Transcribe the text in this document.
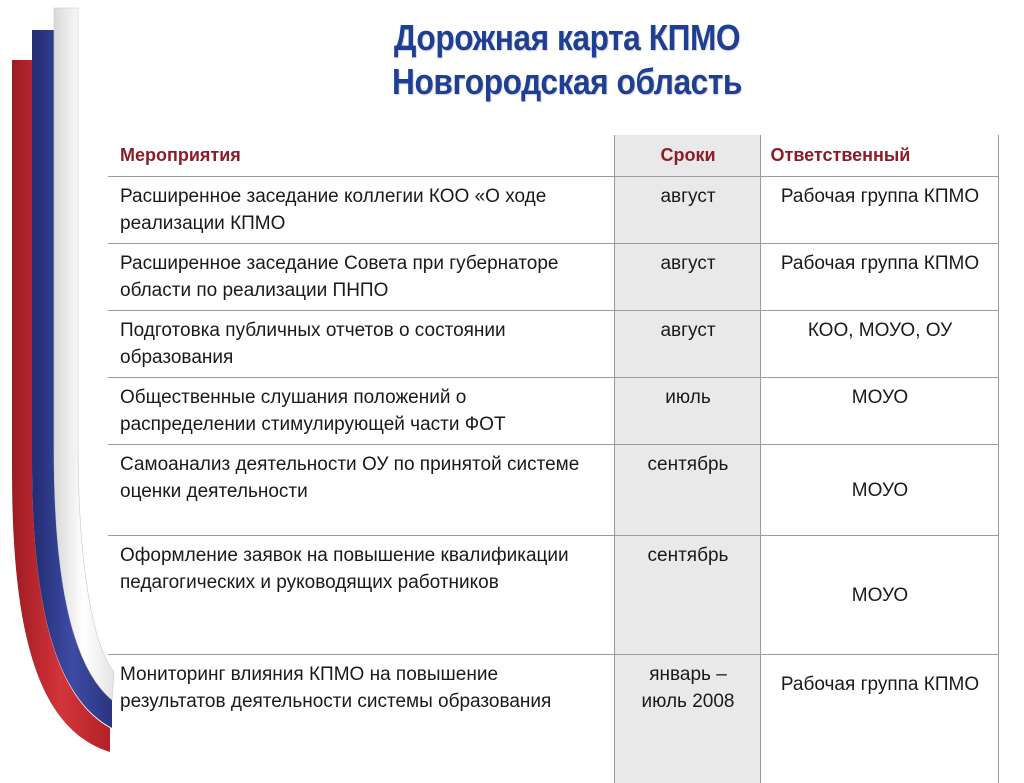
Дорожная карта КПМО
Новгородская область
Мероприятия	Сроки	Ответственный
Расширенное заседание коллегии КОО «О ходе реализации КПМО	август	Рабочая группа КПМО
Расширенное заседание Совета при губернаторе области по реализации ПНПО	август	Рабочая группа КПМО
Подготовка публичных отчетов о состоянии образования	август	КОО, МОУО, ОУ
Общественные слушания положений о распределении стимулирующей части ФОТ	июль	МОУО
Самоанализ деятельности ОУ по принятой системе оценки деятельности	сентябрь	МОУО
Оформление заявок на повышение квалификации педагогических и руководящих работников	сентябрь	МОУО
Мониторинг влияния КПМО на повышение результатов деятельности системы образования	январь – июль 2008	Рабочая группа КПМО
